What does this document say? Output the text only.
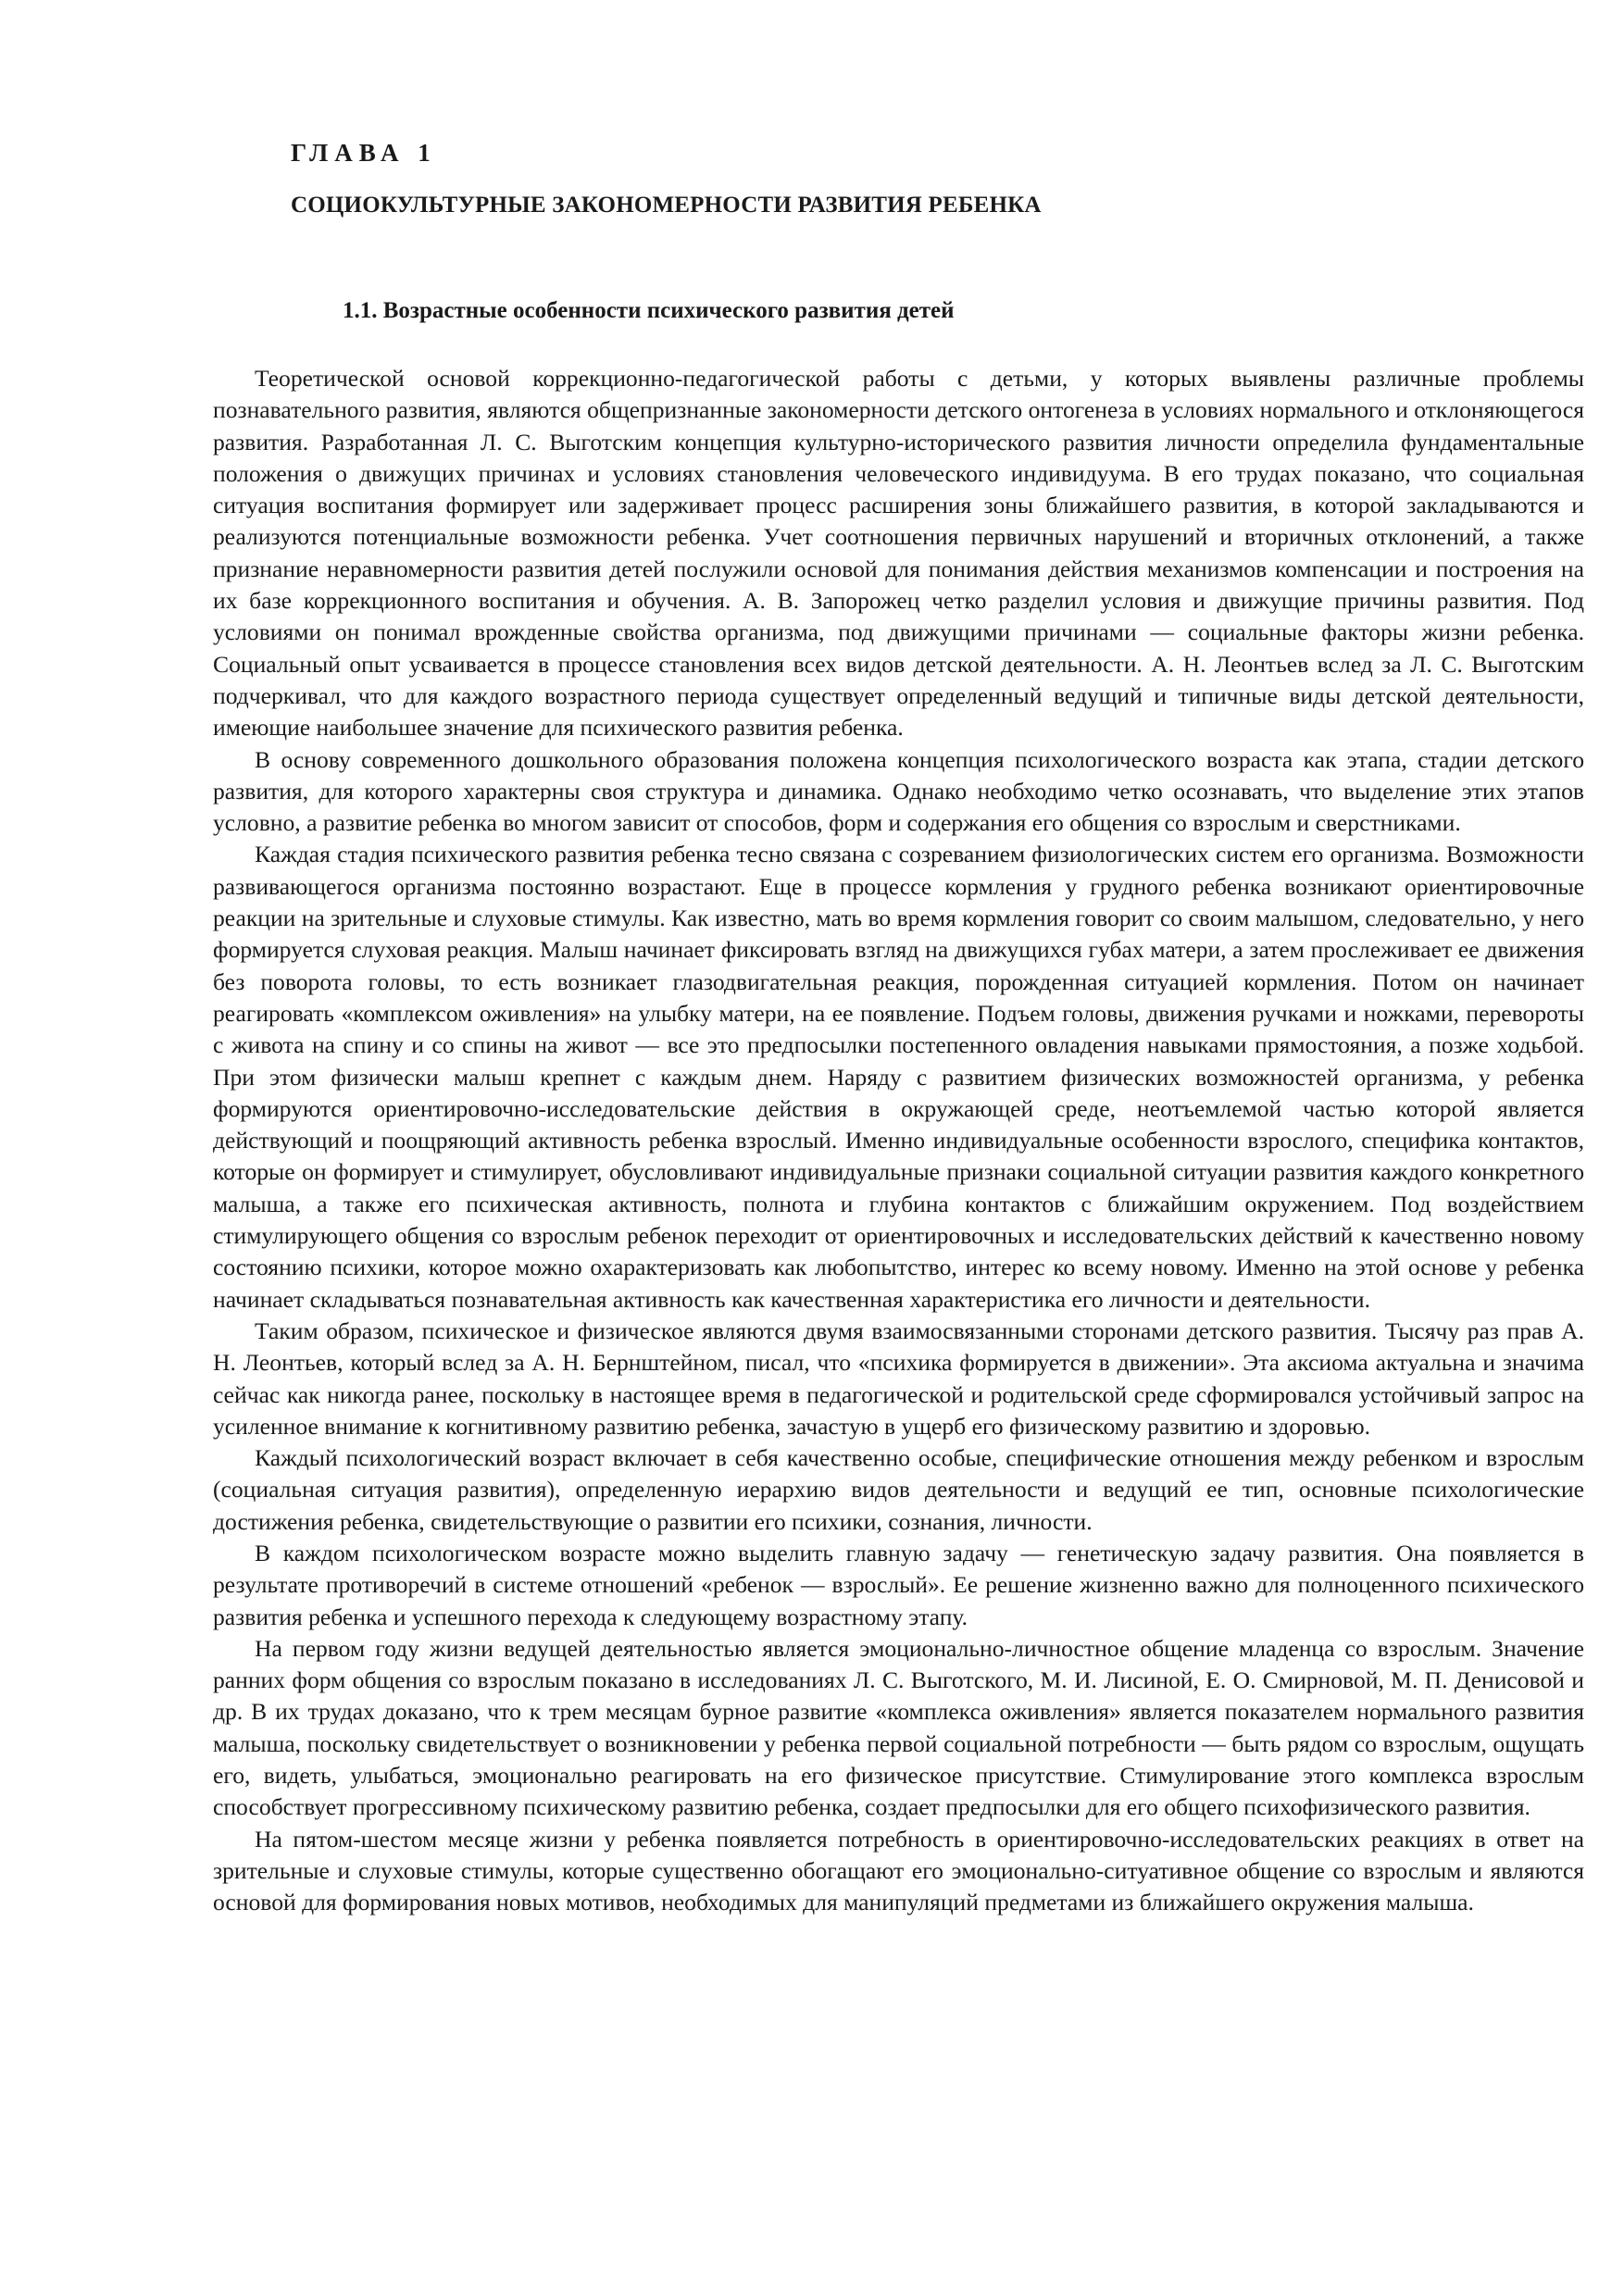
ГЛАВА 1
СОЦИОКУЛЬТУРНЫЕ ЗАКОНОМЕРНОСТИ РАЗВИТИЯ РЕБЕНКА
1.1. Возрастные особенности психического развития детей

Теоретической основой коррекционно-педагогической работы с детьми, у которых выявлены различные проблемы познавательного развития, являются общепризнанные закономерности детского онтогенеза в условиях нормального и отклоняющегося развития. Разработанная Л. С. Выготским концепция культурно-исторического развития личности определила фундаментальные положения о движущих причинах и условиях становления человеческого индивидуума. В его трудах показано, что социальная ситуация воспитания формирует или задерживает процесс расширения зоны ближайшего развития, в которой закладываются и реализуются потенциальные возможности ребенка. Учет соотношения первичных нарушений и вторичных отклонений, а также признание неравномерности развития детей послужили основой для понимания действия механизмов компенсации и построения на их базе коррекционного воспитания и обучения. А. В. Запорожец четко разделил условия и движущие причины развития. Под условиями он понимал врожденные свойства организма, под движущими причинами — социальные факторы жизни ребенка. Социальный опыт усваивается в процессе становления всех видов детской деятельности. А. Н. Леонтьев вслед за Л. С. Выготским подчеркивал, что для каждого возрастного периода существует определенный ведущий и типичные виды детской деятельности, имеющие наибольшее значение для психического развития ребенка.

В основу современного дошкольного образования положена концепция психологического возраста как этапа, стадии детского развития, для которого характерны своя структура и динамика. Однако необходимо четко осознавать, что выделение этих этапов условно, а развитие ребенка во многом зависит от способов, форм и содержания его общения со взрослым и сверстниками.

Каждая стадия психического развития ребенка тесно связана с созреванием физиологических систем его организма. Возможности развивающегося организма постоянно возрастают. Еще в процессе кормления у грудного ребенка возникают ориентировочные реакции на зрительные и слуховые стимулы. Как известно, мать во время кормления говорит со своим малышом, следовательно, у него формируется слуховая реакция. Малыш начинает фиксировать взгляд на движущихся губах матери, а затем прослеживает ее движения без поворота головы, то есть возникает глазодвигательная реакция, порожденная ситуацией кормления. Потом он начинает реагировать «комплексом оживления» на улыбку матери, на ее появление. Подъем головы, движения ручками и ножками, перевороты с живота на спину и со спины на живот — все это предпосылки постепенного овладения навыками прямостояния, а позже ходьбой. При этом физически малыш крепнет с каждым днем. Наряду с развитием физических возможностей организма, у ребенка формируются ориентировочно-исследовательские действия в окружающей среде, неотъемлемой частью которой является действующий и поощряющий активность ребенка взрослый. Именно индивидуальные особенности взрослого, специфика контактов, которые он формирует и стимулирует, обусловливают индивидуальные признаки социальной ситуации развития каждого конкретного малыша, а также его психическая активность, полнота и глубина контактов с ближайшим окружением. Под воздействием стимулирующего общения со взрослым ребенок переходит от ориентировочных и исследовательских действий к качественно новому состоянию психики, которое можно охарактеризовать как любопытство, интерес ко всему новому. Именно на этой основе у ребенка начинает складываться познавательная активность как качественная характеристика его личности и деятельности.

Таким образом, психическое и физическое являются двумя взаимосвязанными сторонами детского развития. Тысячу раз прав А. Н. Леонтьев, который вслед за А. Н. Бернштейном, писал, что «психика формируется в движении». Эта аксиома актуальна и значима сейчас как никогда ранее, поскольку в настоящее время в педагогической и родительской среде сформировался устойчивый запрос на усиленное внимание к когнитивному развитию ребенка, зачастую в ущерб его физическому развитию и здоровью.

Каждый психологический возраст включает в себя качественно особые, специфические отношения между ребенком и взрослым (социальная ситуация развития), определенную иерархию видов деятельности и ведущий ее тип, основные психологические достижения ребенка, свидетельствующие о развитии его психики, сознания, личности.

В каждом психологическом возрасте можно выделить главную задачу — генетическую задачу развития. Она появляется в результате противоречий в системе отношений «ребенок — взрослый». Ее решение жизненно важно для полноценного психического развития ребенка и успешного перехода к следующему возрастному этапу.

На первом году жизни ведущей деятельностью является эмоционально-личностное общение младенца со взрослым. Значение ранних форм общения со взрослым показано в исследованиях Л. С. Выготского, М. И. Лисиной, Е. О. Смирновой, М. П. Денисовой и др. В их трудах доказано, что к трем месяцам бурное развитие «комплекса оживления» является показателем нормального развития малыша, поскольку свидетельствует о возникновении у ребенка первой социальной потребности — быть рядом со взрослым, ощущать его, видеть, улыбаться, эмоционально реагировать на его физическое присутствие. Стимулирование этого комплекса взрослым способствует прогрессивному психическому развитию ребенка, создает предпосылки для его общего психофизического развития.

На пятом-шестом месяце жизни у ребенка появляется потребность в ориентировочно-исследовательских реакциях в ответ на зрительные и слуховые стимулы, которые существенно обогащают его эмоционально-ситуативное общение со взрослым и являются основой для формирования новых мотивов, необходимых для манипуляций предметами из ближайшего окружения малыша.
